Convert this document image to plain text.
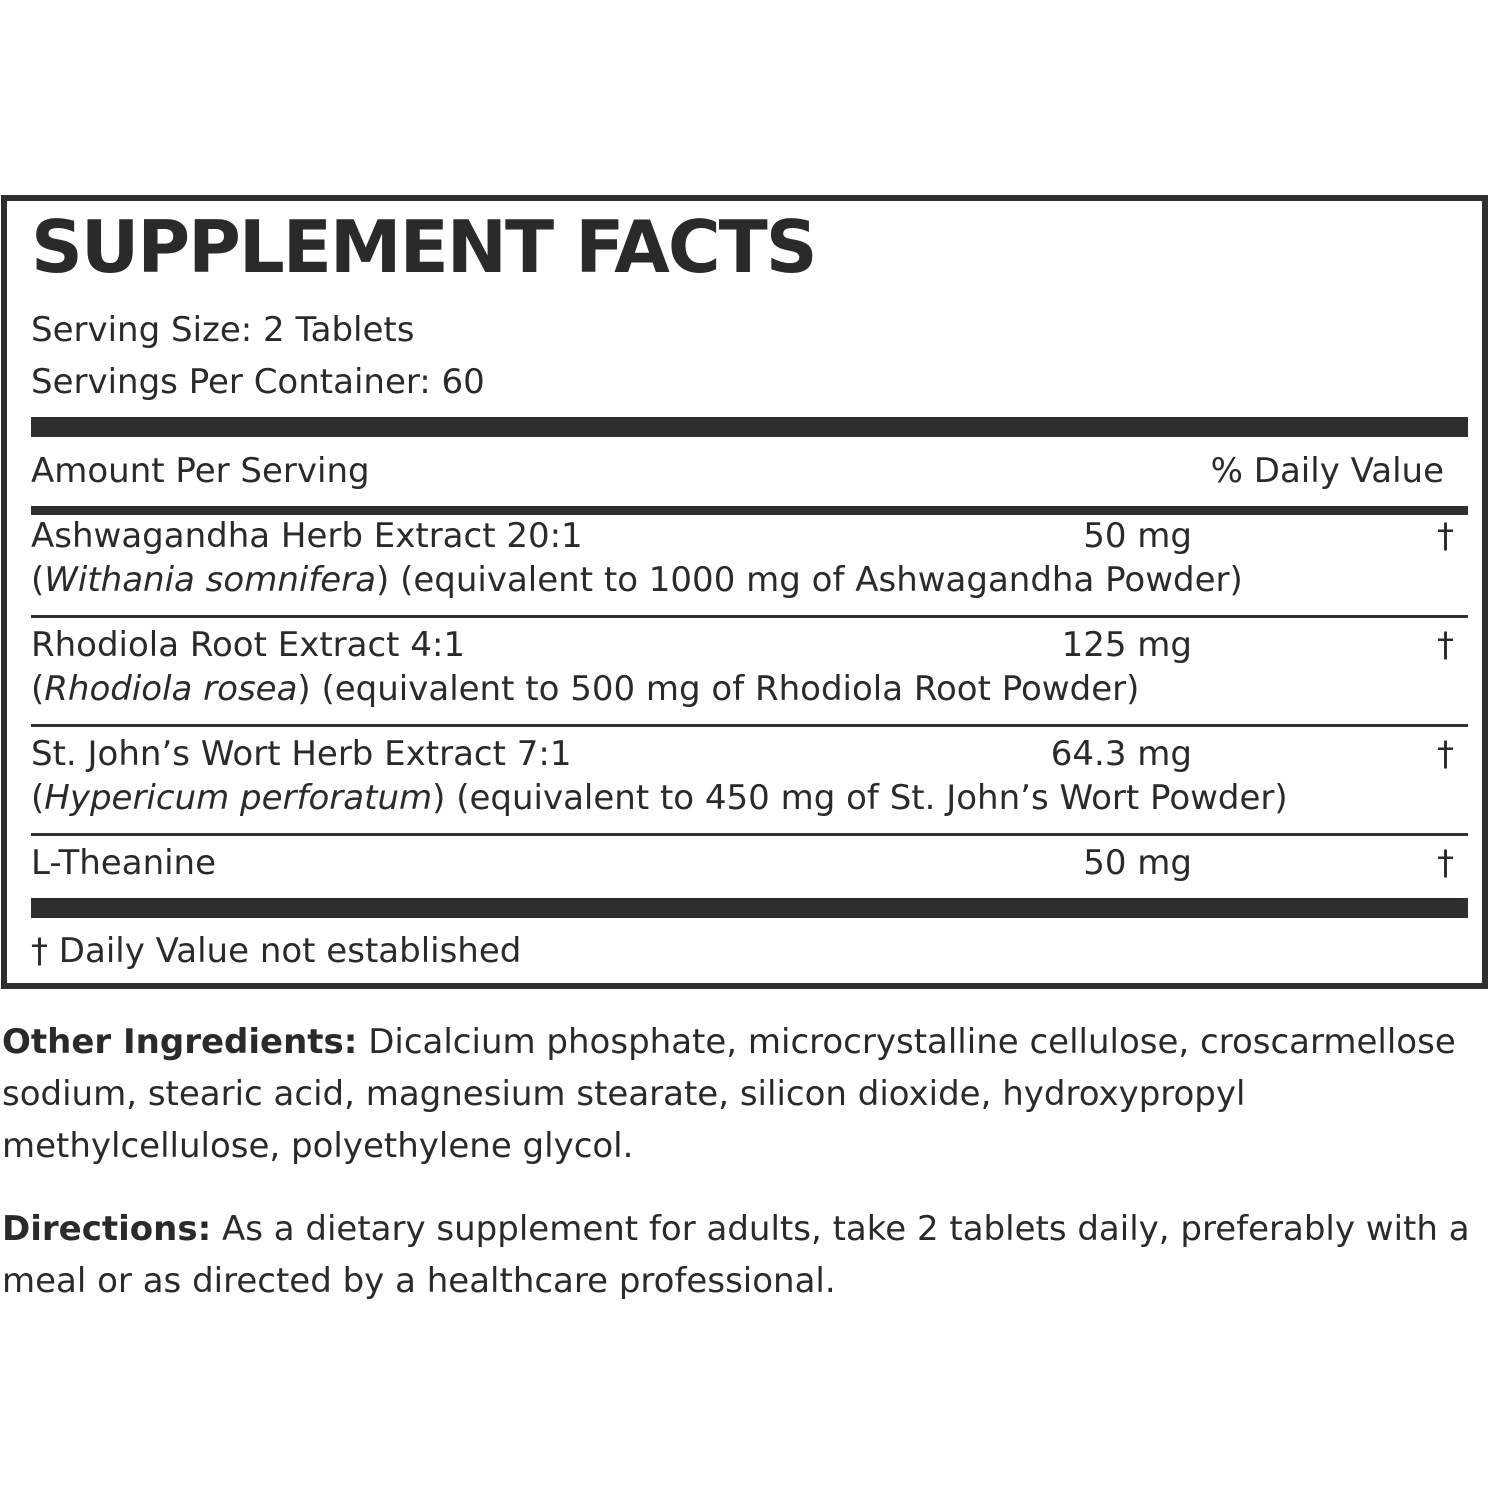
SUPPLEMENT FACTS
Serving Size: 2 Tablets
Servings Per Container: 60
Amount Per Serving	% Daily Value
Ashwagandha Herb Extract 20:1	50 mg	†
(Withania somnifera) (equivalent to 1000 mg of Ashwagandha Powder)
Rhodiola Root Extract 4:1	125 mg	†
(Rhodiola rosea) (equivalent to 500 mg of Rhodiola Root Powder)
St. John’s Wort Herb Extract 7:1	64.3 mg	†
(Hypericum perforatum) (equivalent to 450 mg of St. John’s Wort Powder)
L-Theanine	50 mg	†
† Daily Value not established
Other Ingredients: Dicalcium phosphate, microcrystalline cellulose, croscarmellose sodium, stearic acid, magnesium stearate, silicon dioxide, hydroxypropyl methylcellulose, polyethylene glycol.
Directions: As a dietary supplement for adults, take 2 tablets daily, preferably with a meal or as directed by a healthcare professional.
